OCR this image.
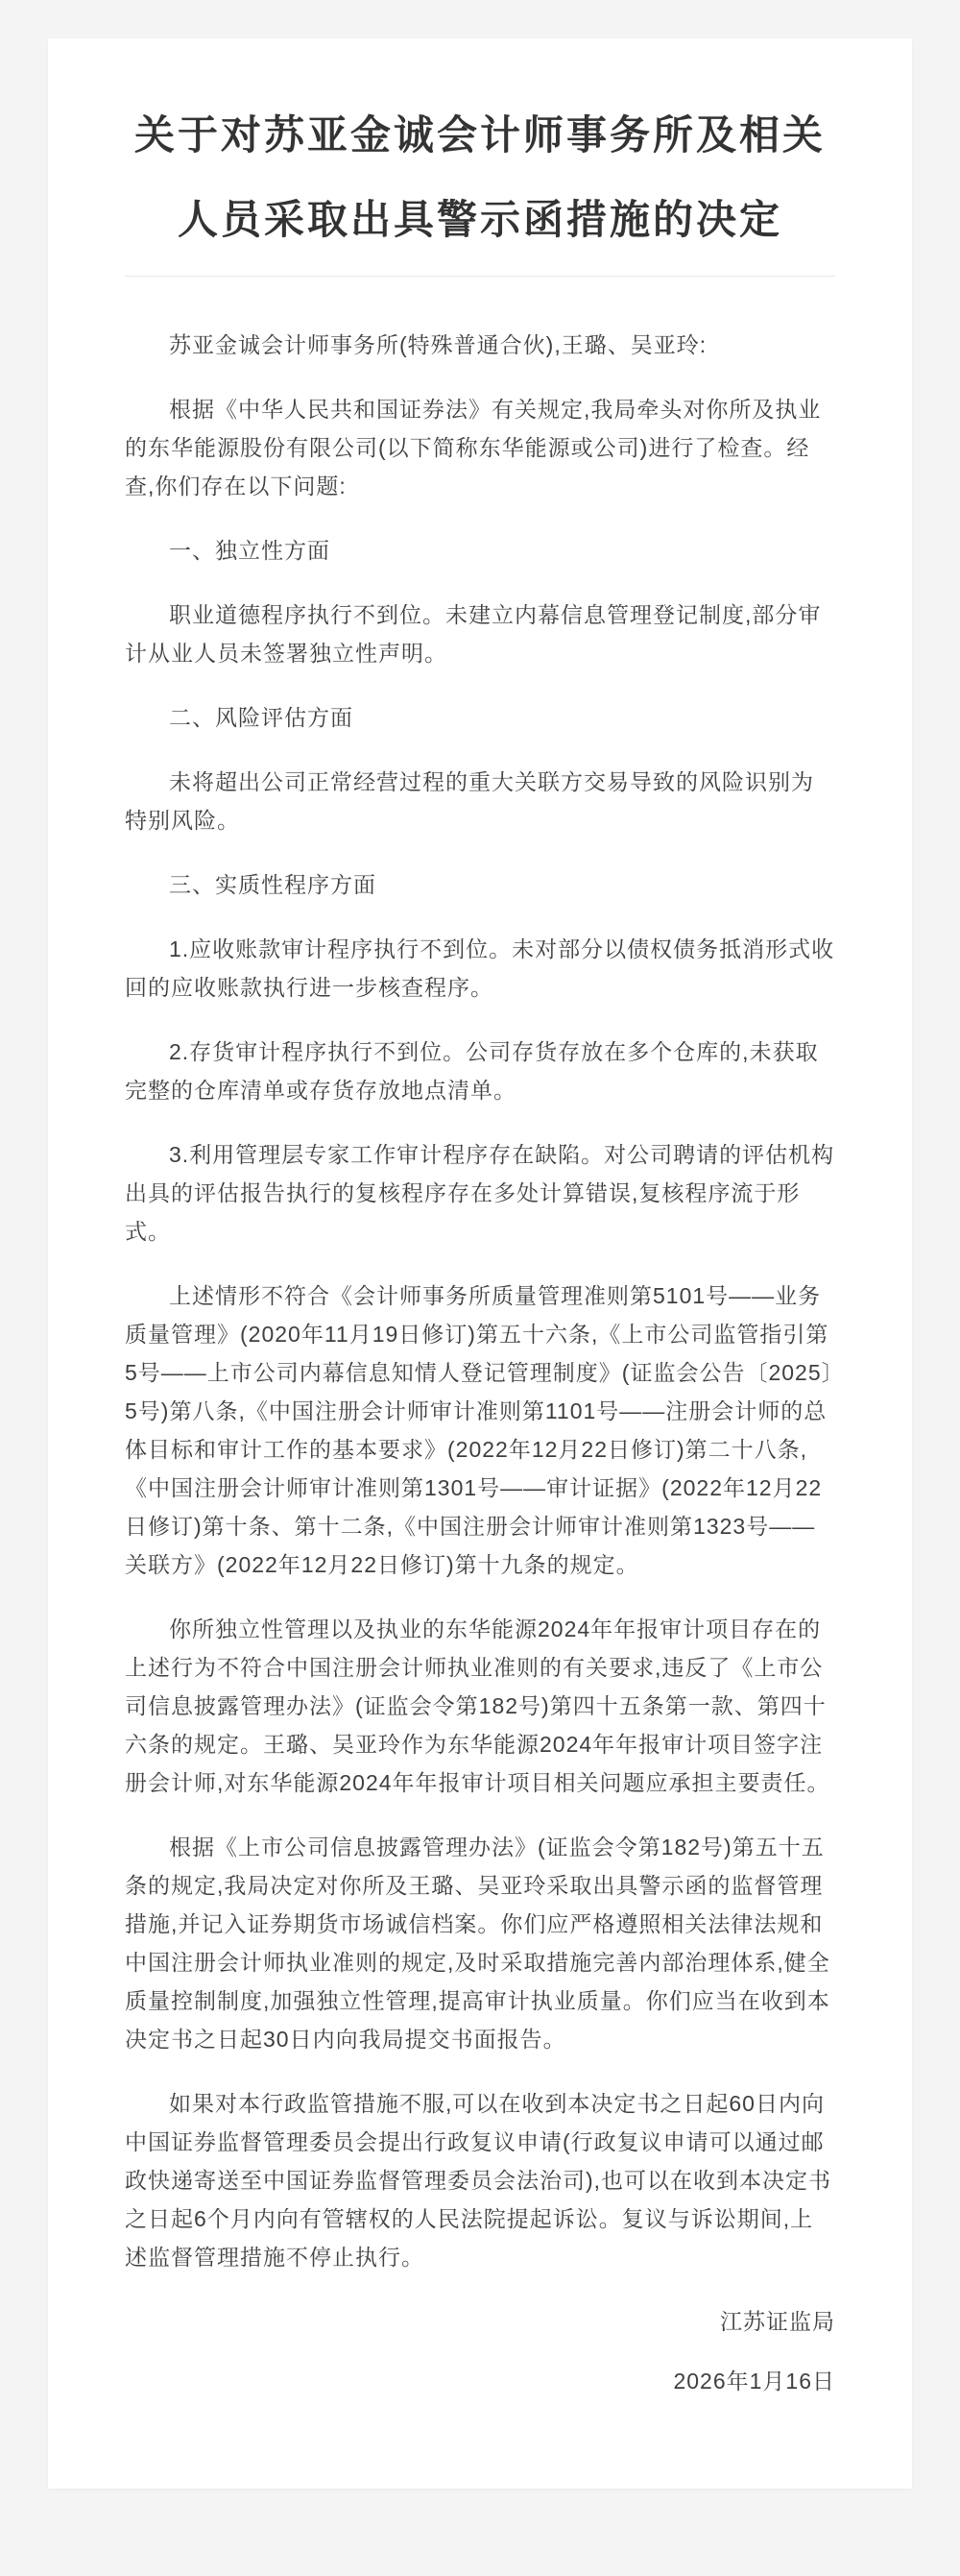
关于对苏亚金诚会计师事务所及相关
人员采取出具警示函措施的决定

苏亚金诚会计师事务所(特殊普通合伙),王璐、吴亚玲:

根据《中华人民共和国证券法》有关规定,我局牵头对你所及执业的东华能源股份有限公司(以下简称东华能源或公司)进行了检查。经查,你们存在以下问题:

一、独立性方面

职业道德程序执行不到位。未建立内幕信息管理登记制度,部分审计从业人员未签署独立性声明。

二、风险评估方面

未将超出公司正常经营过程的重大关联方交易导致的风险识别为特别风险。

三、实质性程序方面

1.应收账款审计程序执行不到位。未对部分以债权债务抵消形式收回的应收账款执行进一步核查程序。

2.存货审计程序执行不到位。公司存货存放在多个仓库的,未获取完整的仓库清单或存货存放地点清单。

3.利用管理层专家工作审计程序存在缺陷。对公司聘请的评估机构出具的评估报告执行的复核程序存在多处计算错误,复核程序流于形式。

上述情形不符合《会计师事务所质量管理准则第5101号——业务质量管理》(2020年11月19日修订)第五十六条,《上市公司监管指引第5号——上市公司内幕信息知情人登记管理制度》(证监会公告〔2025〕5号)第八条,《中国注册会计师审计准则第1101号——注册会计师的总体目标和审计工作的基本要求》(2022年12月22日修订)第二十八条,《中国注册会计师审计准则第1301号——审计证据》(2022年12月22日修订)第十条、第十二条,《中国注册会计师审计准则第1323号——关联方》(2022年12月22日修订)第十九条的规定。

你所独立性管理以及执业的东华能源2024年年报审计项目存在的上述行为不符合中国注册会计师执业准则的有关要求,违反了《上市公司信息披露管理办法》(证监会令第182号)第四十五条第一款、第四十六条的规定。王璐、吴亚玲作为东华能源2024年年报审计项目签字注册会计师,对东华能源2024年年报审计项目相关问题应承担主要责任。

根据《上市公司信息披露管理办法》(证监会令第182号)第五十五条的规定,我局决定对你所及王璐、吴亚玲采取出具警示函的监督管理措施,并记入证券期货市场诚信档案。你们应严格遵照相关法律法规和中国注册会计师执业准则的规定,及时采取措施完善内部治理体系,健全质量控制制度,加强独立性管理,提高审计执业质量。你们应当在收到本决定书之日起30日内向我局提交书面报告。

如果对本行政监管措施不服,可以在收到本决定书之日起60日内向中国证券监督管理委员会提出行政复议申请(行政复议申请可以通过邮政快递寄送至中国证券监督管理委员会法治司),也可以在收到本决定书之日起6个月内向有管辖权的人民法院提起诉讼。复议与诉讼期间,上述监督管理措施不停止执行。

江苏证监局

2026年1月16日
